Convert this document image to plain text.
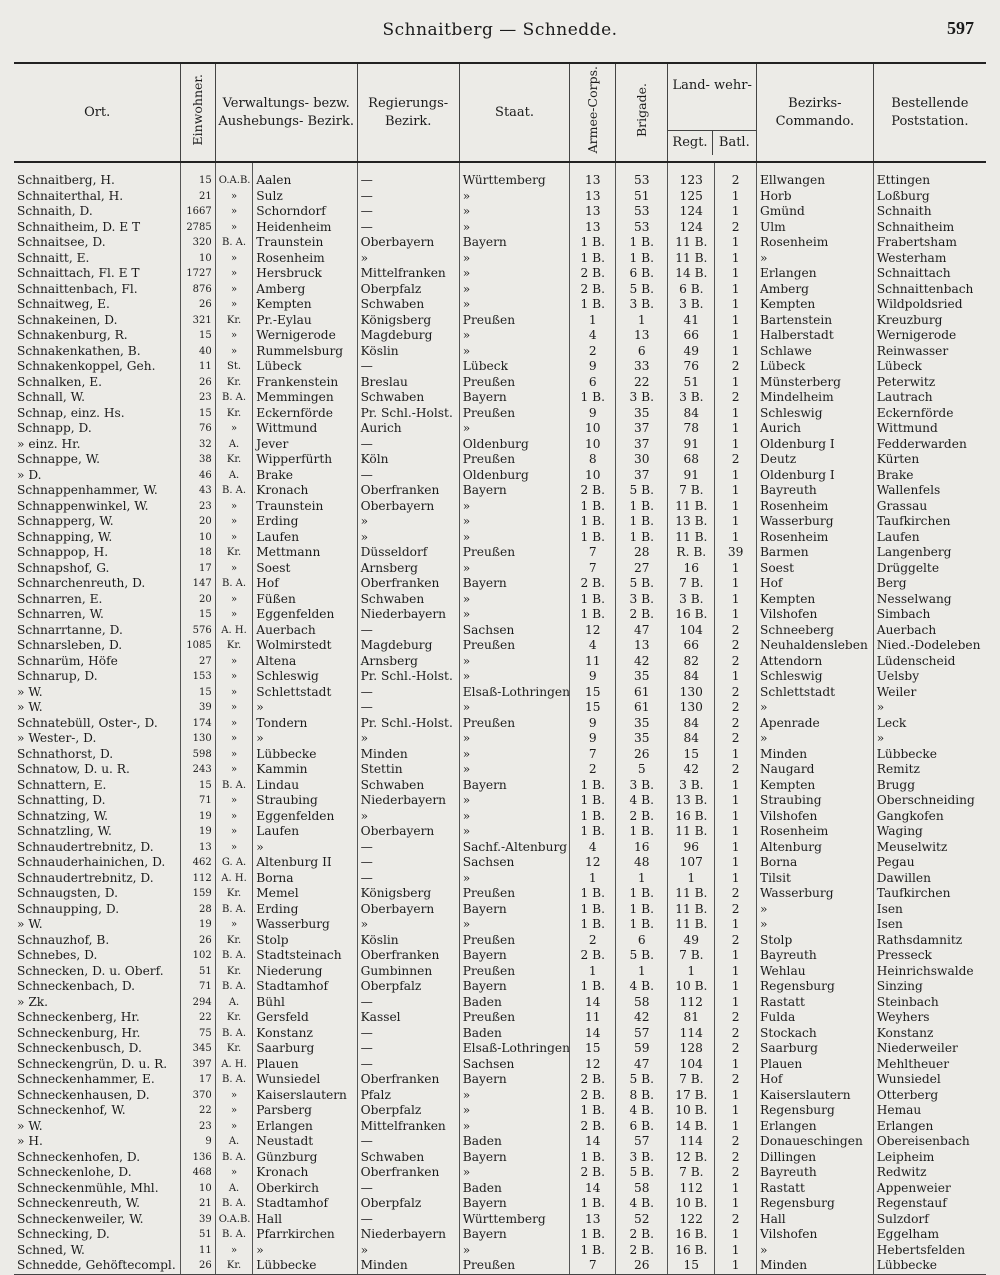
Schnaitberg — Schnedde.	597
Ort.	Einwohner.	Verwaltungs- bezw. Aushebungs- Bezirk.		Regierungs- Bezirk.	Staat.	Armee-Corps.	Brigade.	Land- wehr-
Regt. Batl.		Bezirks- Commando.	Bestellende Poststation.
Schnaitberg, H.	15	O.A.B.	Aalen	—	Württemberg	13	53	123	2	Ellwangen	Ettingen
Schnaiterthal, H.	21	»	Sulz	—	»	13	51	125	1	Horb	Loßburg
Schnaith, D.	1667	»	Schorndorf	—	»	13	53	124	1	Gmünd	Schnaith
Schnaitheim, D. E T	2785	»	Heidenheim	—	»	13	53	124	2	Ulm	Schnaitheim
Schnaitsee, D.	320	B. A.	Traunstein	Oberbayern	Bayern	1 B.	1 B.	11 B.	1	Rosenheim	Frabertsham
Schnaitt, E.	10	»	Rosenheim	»	»	1 B.	1 B.	11 B.	1	»	Westerham
Schnaittach, Fl. E T	1727	»	Hersbruck	Mittelfranken	»	2 B.	6 B.	14 B.	1	Erlangen	Schnaittach
Schnaittenbach, Fl.	876	»	Amberg	Oberpfalz	»	2 B.	5 B.	6 B.	1	Amberg	Schnaittenbach
Schnaitweg, E.	26	»	Kempten	Schwaben	»	1 B.	3 B.	3 B.	1	Kempten	Wildpoldsried
Schnakeinen, D.	321	Kr.	Pr.-Eylau	Königsberg	Preußen	1	1	41	1	Bartenstein	Kreuzburg
Schnakenburg, R.	15	»	Wernigerode	Magdeburg	»	4	13	66	1	Halberstadt	Wernigerode
Schnakenkathen, B.	40	»	Rummelsburg	Köslin	»	2	6	49	1	Schlawe	Reinwasser
Schnakenkoppel, Geh.	11	St.	Lübeck	—	Lübeck	9	33	76	2	Lübeck	Lübeck
Schnalken, E.	26	Kr.	Frankenstein	Breslau	Preußen	6	22	51	1	Münsterberg	Peterwitz
Schnall, W.	23	B. A.	Memmingen	Schwaben	Bayern	1 B.	3 B.	3 B.	2	Mindelheim	Lautrach
Schnap, einz. Hs.	15	Kr.	Eckernförde	Pr. Schl.-Holst.	Preußen	9	35	84	1	Schleswig	Eckernförde
Schnapp, D.	76	»	Wittmund	Aurich	»	10	37	78	1	Aurich	Wittmund
» einz. Hr.	32	A.	Jever	—	Oldenburg	10	37	91	1	Oldenburg I	Fedderwarden
Schnappe, W.	38	Kr.	Wipperfürth	Köln	Preußen	8	30	68	2	Deutz	Kürten
» D.	46	A.	Brake	—	Oldenburg	10	37	91	1	Oldenburg I	Brake
Schnappenhammer, W.	43	B. A.	Kronach	Oberfranken	Bayern	2 B.	5 B.	7 B.	1	Bayreuth	Wallenfels
Schnappenwinkel, W.	23	»	Traunstein	Oberbayern	»	1 B.	1 B.	11 B.	1	Rosenheim	Grassau
Schnapperg, W.	20	»	Erding	»	»	1 B.	1 B.	13 B.	1	Wasserburg	Taufkirchen
Schnapping, W.	10	»	Laufen	»	»	1 B.	1 B.	11 B.	1	Rosenheim	Laufen
Schnappop, H.	18	Kr.	Mettmann	Düsseldorf	Preußen	7	28	R. B.	39	Barmen	Langenberg
Schnapshof, G.	17	»	Soest	Arnsberg	»	7	27	16	1	Soest	Drüggelte
Schnarchenreuth, D.	147	B. A.	Hof	Oberfranken	Bayern	2 B.	5 B.	7 B.	1	Hof	Berg
Schnarren, E.	20	»	Füßen	Schwaben	»	1 B.	3 B.	3 B.	1	Kempten	Nesselwang
Schnarren, W.	15	»	Eggenfelden	Niederbayern	»	1 B.	2 B.	16 B.	1	Vilshofen	Simbach
Schnarrtanne, D.	576	A. H.	Auerbach	—	Sachsen	12	47	104	2	Schneeberg	Auerbach
Schnarsleben, D.	1085	Kr.	Wolmirstedt	Magdeburg	Preußen	4	13	66	2	Neuhaldensleben	Nied.-Dodeleben
Schnarüm, Höfe	27	»	Altena	Arnsberg	»	11	42	82	2	Attendorn	Lüdenscheid
Schnarup, D.	153	»	Schleswig	Pr. Schl.-Holst.	»	9	35	84	1	Schleswig	Uelsby
» W.	15	»	Schlettstadt	—	Elsaß-Lothringen	15	61	130	2	Schlettstadt	Weiler
» W.	39	»	»	—	»	15	61	130	2	»	»
Schnatebüll, Oster-, D.	174	»	Tondern	Pr. Schl.-Holst.	Preußen	9	35	84	2	Apenrade	Leck
» Wester-, D.	130	»	»	»	»	9	35	84	2	»	»
Schnathorst, D.	598	»	Lübbecke	Minden	»	7	26	15	1	Minden	Lübbecke
Schnatow, D. u. R.	243	»	Kammin	Stettin	»	2	5	42	2	Naugard	Remitz
Schnattern, E.	15	B. A.	Lindau	Schwaben	Bayern	1 B.	3 B.	3 B.	1	Kempten	Brugg
Schnatting, D.	71	»	Straubing	Niederbayern	»	1 B.	4 B.	13 B.	1	Straubing	Oberschneiding
Schnatzing, W.	19	»	Eggenfelden	»	»	1 B.	2 B.	16 B.	1	Vilshofen	Gangkofen
Schnatzling, W.	19	»	Laufen	Oberbayern	»	1 B.	1 B.	11 B.	1	Rosenheim	Waging
Schnaudertrebnitz, D.	13	»	»	—	Sachf.-Altenburg	4	16	96	1	Altenburg	Meuselwitz
Schnauderhainichen, D.	462	G. A.	Altenburg II	—	Sachsen	12	48	107	1	Borna	Pegau
Schnaudertrebnitz, D.	112	A. H.	Borna	—	»	1	1	1	1	Tilsit	Dawillen
Schnaugsten, D.	159	Kr.	Memel	Königsberg	Preußen	1 B.	1 B.	11 B.	2	Wasserburg	Taufkirchen
Schnaupping, D.	28	B. A.	Erding	Oberbayern	Bayern	1 B.	1 B.	11 B.	2	»	Isen
» W.	19	»	Wasserburg	»	»	1 B.	1 B.	11 B.	1	»	Isen
Schnauzhof, B.	26	Kr.	Stolp	Köslin	Preußen	2	6	49	2	Stolp	Rathsdamnitz
Schnebes, D.	102	B. A.	Stadtsteinach	Oberfranken	Bayern	2 B.	5 B.	7 B.	1	Bayreuth	Presseck
Schnecken, D. u. Oberf.	51	Kr.	Niederung	Gumbinnen	Preußen	1	1	1	1	Wehlau	Heinrichswalde
Schneckenbach, D.	71	B. A.	Stadtamhof	Oberpfalz	Bayern	1 B.	4 B.	10 B.	1	Regensburg	Sinzing
» Zk.	294	A.	Bühl	—	Baden	14	58	112	1	Rastatt	Steinbach
Schneckenberg, Hr.	22	Kr.	Gersfeld	Kassel	Preußen	11	42	81	2	Fulda	Weyhers
Schneckenburg, Hr.	75	B. A.	Konstanz	—	Baden	14	57	114	2	Stockach	Konstanz
Schneckenbusch, D.	345	Kr.	Saarburg	—	Elsaß-Lothringen	15	59	128	2	Saarburg	Niederweiler
Schneckengrün, D. u. R.	397	A. H.	Plauen	—	Sachsen	12	47	104	1	Plauen	Mehltheuer
Schneckenhammer, E.	17	B. A.	Wunsiedel	Oberfranken	Bayern	2 B.	5 B.	7 B.	2	Hof	Wunsiedel
Schneckenhausen, D.	370	»	Kaiserslautern	Pfalz	»	2 B.	8 B.	17 B.	1	Kaiserslautern	Otterberg
Schneckenhof, W.	22	»	Parsberg	Oberpfalz	»	1 B.	4 B.	10 B.	1	Regensburg	Hemau
» W.	23	»	Erlangen	Mittelfranken	»	2 B.	6 B.	14 B.	1	Erlangen	Erlangen
» H.	9	A.	Neustadt	—	Baden	14	57	114	2	Donaueschingen	Obereisenbach
Schneckenhofen, D.	136	B. A.	Günzburg	Schwaben	Bayern	1 B.	3 B.	12 B.	2	Dillingen	Leipheim
Schneckenlohe, D.	468	»	Kronach	Oberfranken	»	2 B.	5 B.	7 B.	2	Bayreuth	Redwitz
Schneckenmühle, Mhl.	10	A.	Oberkirch	—	Baden	14	58	112	1	Rastatt	Appenweier
Schneckenreuth, W.	21	B. A.	Stadtamhof	Oberpfalz	Bayern	1 B.	4 B.	10 B.	1	Regensburg	Regenstauf
Schneckenweiler, W.	39	O.A.B.	Hall	—	Württemberg	13	52	122	2	Hall	Sulzdorf
Schnecking, D.	51	B. A.	Pfarrkirchen	Niederbayern	Bayern	1 B.	2 B.	16 B.	1	Vilshofen	Eggelham
Schned, W.	11	»	»	»	»	1 B.	2 B.	16 B.	1	»	Hebertsfelden
Schnedde, Gehöftecompl.	26	Kr.	Lübbecke	Minden	Preußen	7	26	15	1	Minden	Lübbecke
